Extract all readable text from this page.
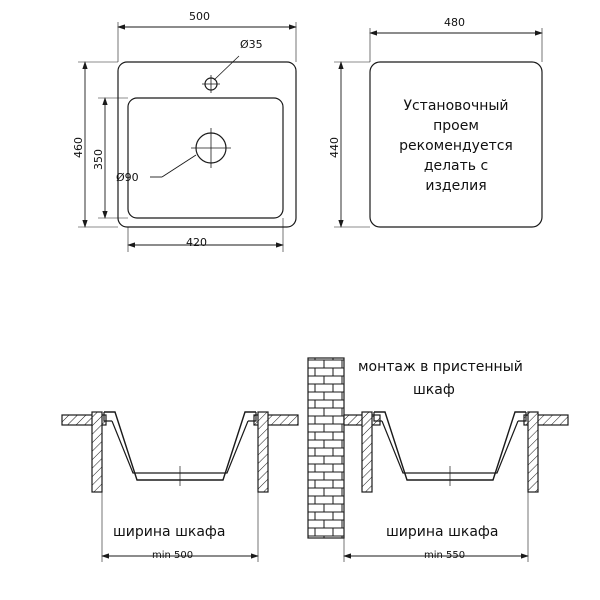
500
420
460
350
Ø35
Ø90
480
440
Установочный
проем
рекомендуется
делать с
изделия
ширина шкафа
min 500
монтаж в пристенный
шкаф
ширина шкафа
min 550
